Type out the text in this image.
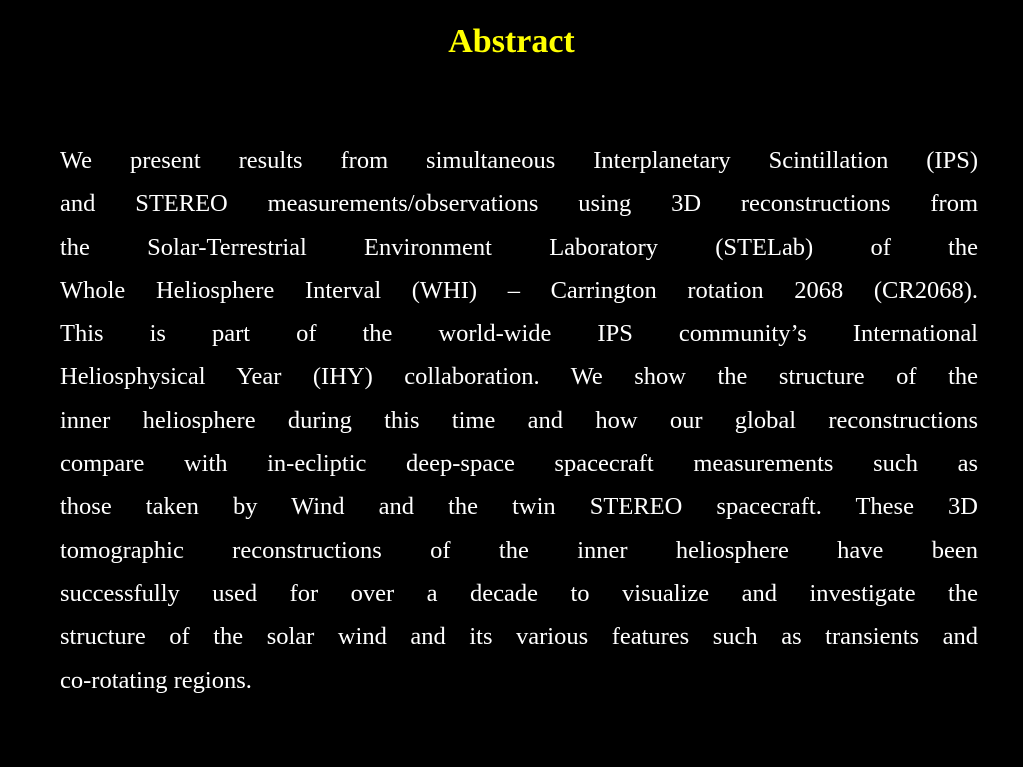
Abstract
We present results from simultaneous Interplanetary Scintillation (IPS)
and STEREO measurements/observations using 3D reconstructions from
the Solar-Terrestrial Environment Laboratory (STELab) of the
Whole Heliosphere Interval (WHI) – Carrington rotation 2068 (CR2068).
This is part of the world-wide IPS community’s International
Heliosphysical Year (IHY) collaboration. We show the structure of the
inner heliosphere during this time and how our global reconstructions
compare with in-ecliptic deep-space spacecraft measurements such as
those taken by Wind and the twin STEREO spacecraft. These 3D
tomographic reconstructions of the inner heliosphere have been
successfully used for over a decade to visualize and investigate the
structure of the solar wind and its various features such as transients and
co-rotating regions.
